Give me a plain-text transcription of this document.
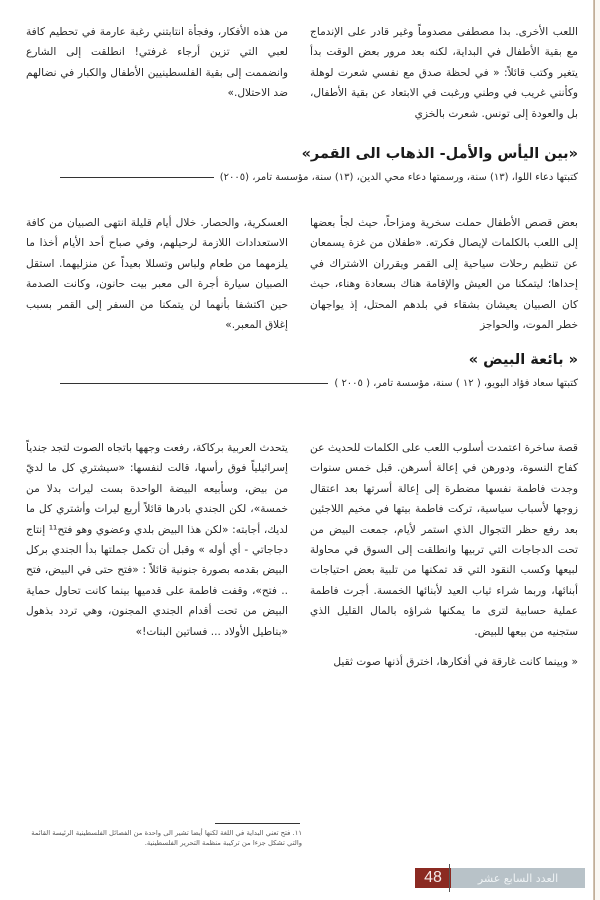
اللعب الأخرى. بدا مصطفى مصدوماً وغير قادر على الإندماج مع بقية الأطفال في البداية، لكنه بعد مرور بعض الوقت بدأ يتغير وكتب قائلاً: « في لحظة صدق مع نفسي شعرت لوهلة وكأنني غريب في وطني ورغبت في الابتعاد عن بقية الأطفال، بل والعودة إلى تونس. شعرت بالخزي

من هذه الأفكار، وفجأة انتابتني رغبة عارمة في تحطيم كافة لعبي التي تزين أرجاء غرفتي! انطلقت إلى الشارع وانضممت إلى بقية الفلسطينيين الأطفال والكبار في نضالهم ضد الاحتلال.»

«بين اليأس والأمل- الذهاب الى القمر»
كتبتها دعاء اللوا، (١٣) سنة، ورسمتها دعاء محي الدين، (١٣) سنة، مؤسسة تامر، (٢٠٠٥)

بعض قصص الأطفال حملت سخرية ومزاحاً، حيث لجأ بعضها إلى اللعب بالكلمات لإيصال فكرته. «طفلان من غزة يسمعان عن تنظيم رحلات سياحية إلى القمر ويقرران الاشتراك في إحداها؛ ليتمكنا من العيش والإقامة هناك بسعادة وهناء، حيث كان الصبيان يعيشان بشقاء في بلدهم المحتل، إذ يواجهان خطر الموت، والحواجز

العسكرية، والحصار. خلال أيام قليلة انتهى الصبيان من كافة الاستعدادات اللازمة لرحيلهم، وفي صباح أحد الأيام أخذا ما يلزمهما من طعام ولباس وتسللا بعيداً عن منزليهما. استقل الصبيان سيارة أجرة الى معبر بيت حانون، وكانت الصدمة حين اكتشفا بأنهما لن يتمكنا من السفر إلى القمر بسبب إغلاق المعبر.»

« بائعة البيض »
كتبتها سعاد فؤاد البويو، ( ١٢ ) سنة، مؤسسة تامر، ( ٢٠٠٥ )

قصة ساخرة اعتمدت أسلوب اللعب على الكلمات للحديث عن كفاح النسوة، ودورهن في إعالة أسرهن. قبل خمس سنوات وجدت فاطمة نفسها مضطرة إلى إعالة أسرتها بعد اعتقال زوجها لأسباب سياسية، تركت فاطمة بيتها في مخيم اللاجئين بعد رفع حظر التجوال الذي استمر لأيام، جمعت البيض من تحت الدجاجات التي تربيها وانطلقت إلى السوق في محاولة لبيعها وكسب النقود التي قد تمكنها من تلبية بعض احتياجات أبنائها، وربما شراء ثياب العيد لأبنائها الخمسة. أجرت فاطمة عملية حسابية لترى ما يمكنها شراؤه بالمال القليل الذي ستجنيه من بيعها للبيض.

« وبينما كانت غارقة في أفكارها، اخترق أذنها صوت ثقيل

يتحدث العربية بركاكة، رفعت وجهها باتجاه الصوت لتجد جندياً إسرائيلياً فوق رأسها، قالت لنفسها: «سيشتري كل ما لديّ من بيض، وسأبيعه البيضة الواحدة بست ليرات بدلا من خمسة»، لكن الجندي بادرها قائلاً أربع ليرات وأشتري كل ما لديك، أجابته: «لكن هذا البيض بلدي وعضوي وهو فتح¹¹ إنتاج دجاجاتي - أي أوله » وقبل أن تكمل جملتها بدأ الجندي بركل البيض بقدمه بصورة جنونية قائلاً : «فتح حتى في البيض، فتح .. فتح»، وقفت فاطمة على قدميها بينما كانت تحاول حماية البيض من تحت أقدام الجندي المجنون، وهي تردد بذهول «بناطيل الأولاد ... فساتين البنات!»

١١. فتح تعني البداية في اللغة لكنها أيضا تشير الى واحدة من الفصائل الفلسطينية الرئيسة القائمة والتي تشكل جزءا من تركيبة منظمة التحرير الفلسطينية.
العدد السابع عشر
48
